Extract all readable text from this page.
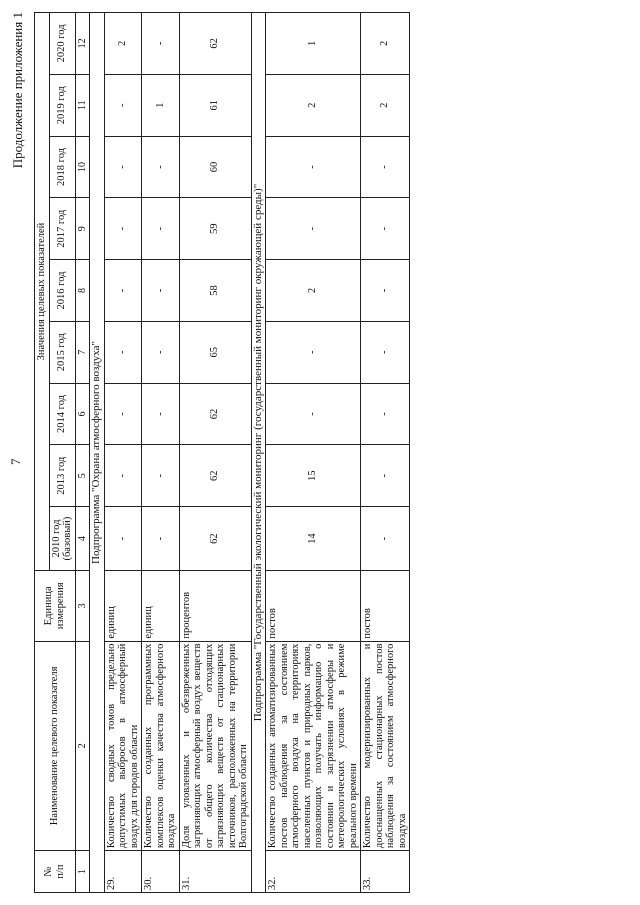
7
Продолжение приложения 1
№
п/п	Наименование целевого показателя	Единица измерения	Значения целевых показателей								
			2010 год (базовый)	2013 год	2014 год	2015 год	2016 год	2017 год	2018 год	2019 год	2020 год
1	2	3	4	5	6	7	8	9	10	11	12
Подпрограмма "Охрана атмосферного воздуха"											
29.	Количество сводных томов предельно допустимых выбросов в атмосферный воздух для городов области	единиц	-	-	-	-	-	-	-	-	2
30.	Количество созданных программных комплексов оценки качества атмосферного воздуха	единиц	-	-	-	-	-	-	-	1	-
31.	Доля уловленных и обезвреженных загрязняющих атмосферный воздух веществ от общего количества отходящих загрязняющих веществ от стационарных источников, расположенных на территории Волгоградской области	процентов	62	62	62	65	58	59	60	61	62
Подпрограмма "Государственный экологический мониторинг (государственный мониторинг окружающей среды)"											
32.	Количество созданных автоматизированных постов наблюдения за состоянием атмосферного воздуха на территориях населенных пунктов и природных парков, позволяющих получать информацию о состоянии и загрязнении атмосферы и метеорологических условиях в режиме реального времени	постов	14	15	-	-	2	-	-	2	1
33.	Количество модернизированных и дооснащенных стационарных постов наблюдения за состоянием атмосферного воздуха	постов	-	-	-	-	-	-	-	2	2
